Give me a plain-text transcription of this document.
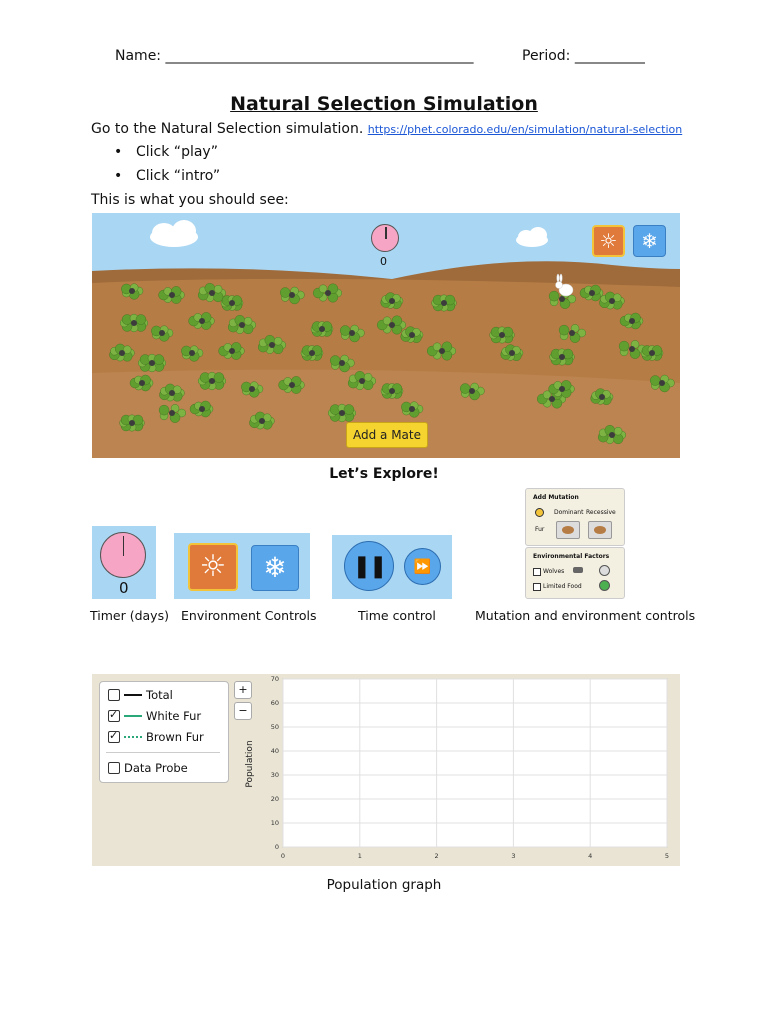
Name: ____________________________________________	Period: __________
Natural Selection Simulation
Go to the Natural Selection simulation. https://phet.colorado.edu/en/simulation/natural-selection
• Click “play”
• Click “intro”
This is what you should see:
0
☼ ❄
Add a Mate
Let’s Explore!
0
Timer (days)
☼ ❄
Environment Controls
❚❚ ⏩
Time control
Add Mutation
Dominant Recessive
Fur
Environmental Factors
Wolves
Limited Food
Mutation and environment controls
Total
✓
White Fur
✓
Brown Fur
Data Probe
+
−
0	1	2	3	4	5
0
10
20
30
40
50
60
70
Population
Population graph
